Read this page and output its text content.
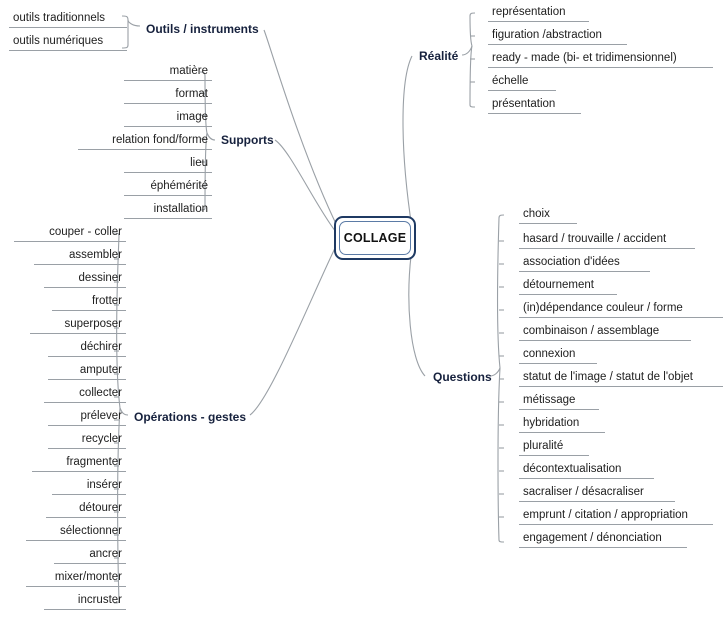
COLLAGE
Outils / instruments
outils traditionnels
outils numériques
Supports
matière
format
image
relation fond/forme
lieu
éphémérité
installation
Opérations - gestes
couper - coller
assembler
dessiner
frotter
superposer
déchirer
amputer
collecter
prélever
recycler
fragmenter
insérer
détourer
sélectionner
ancrer
mixer/monter
incruster
Réalité
représentation
figuration /abstraction
ready - made (bi- et tridimensionnel)
échelle
présentation
Questions
choix
hasard / trouvaille / accident
association d'idées
détournement
(in)dépendance couleur / forme
combinaison / assemblage
connexion
statut de l'image / statut de l'objet
métissage
hybridation
pluralité
décontextualisation
sacraliser / désacraliser
emprunt / citation / appropriation
engagement / dénonciation
